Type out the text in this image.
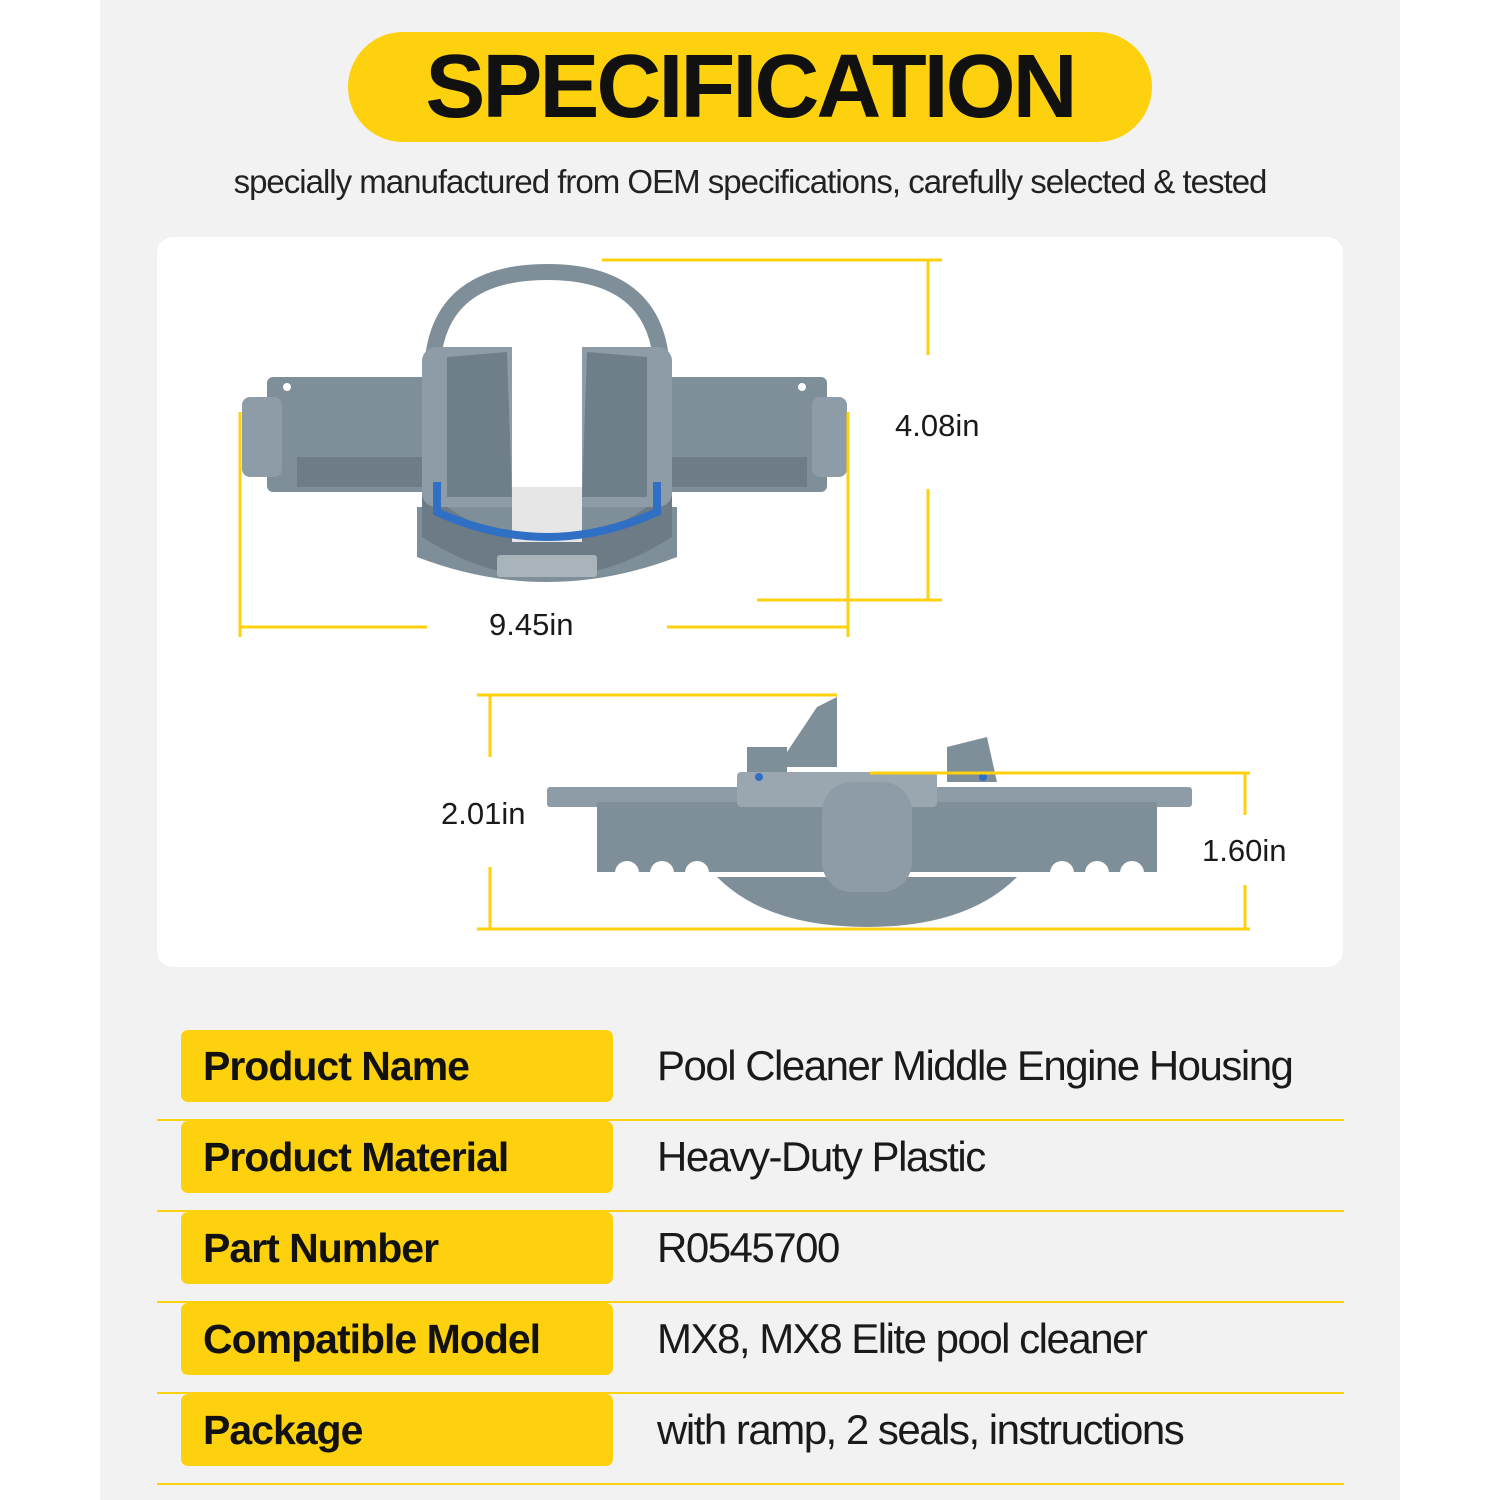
SPECIFICATION
specially manufactured from OEM specifications, carefully selected & tested
4.08in
9.45in
2.01in
1.60in
Product Name	Pool Cleaner Middle Engine Housing
Product Material	Heavy-Duty Plastic
Part Number	R0545700
Compatible Model	MX8, MX8 Elite pool cleaner
Package	with ramp, 2 seals, instructions
